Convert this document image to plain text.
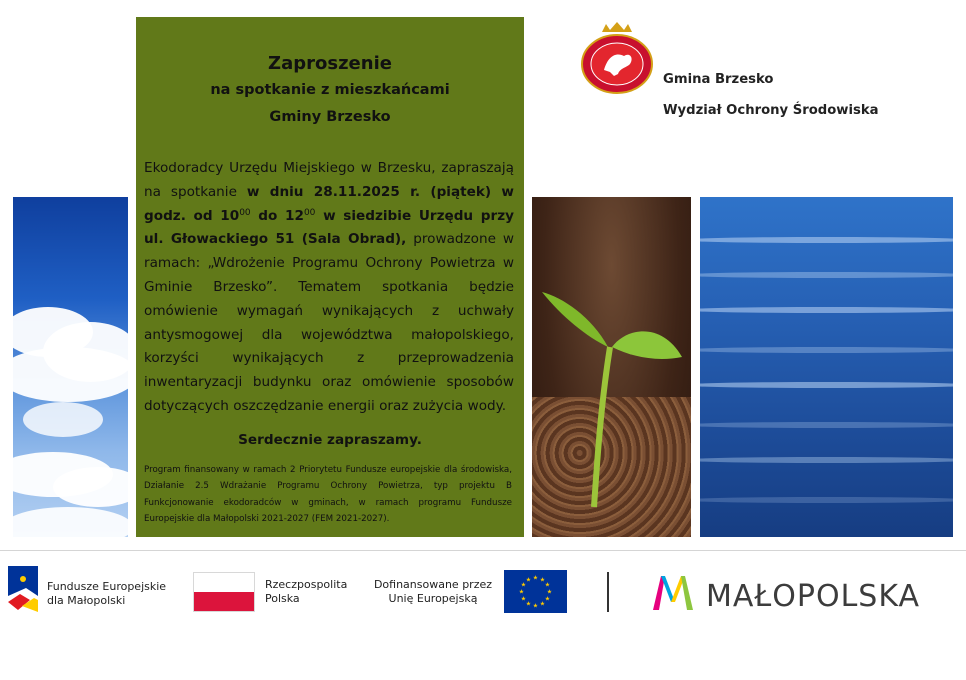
Zaproszenie
na spotkanie z mieszkańcami
Gminy Brzesko
Ekodoradcy Urzędu Miejskiego w Brzesku, zapraszają na spotkanie w dniu 28.11.2025 r. (piątek) w godz. od $10^{00}$ do $12^{00}$ w siedzibie Urzędu przy ul. Głowackiego 51 (Sala Obrad), prowadzone w ramach: „Wdrożenie Programu Ochrony Powietrza w Gminie Brzesko”. Tematem spotkania będzie omówienie wymagań wynikających z uchwały antysmogowej dla województwa małopolskiego, korzyści wynikających z przeprowadzenia inwentaryzacji budynku oraz omówienie sposobów dotyczących oszczędzanie energii oraz zużycia wody.
Serdecznie zapraszamy.
Program finansowany w ramach 2 Priorytetu Fundusze europejskie dla środowiska, Działanie 2.5 Wdrażanie Programu Ochrony Powietrza, typ projektu B Funkcjonowanie ekodoradców w gminach, w ramach programu Fundusze Europejskie dla Małopolski 2021-2027 (FEM 2021-2027).
Gmina Brzesko
Wydział Ochrony Środowiska
Fundusze Europejskie
dla Małopolski
Rzeczpospolita
Polska
Dofinansowane przez
Unię Europejską
★ ★
★
★
★
★
★
★
★
★
★
★	MAŁOPOLSKA
